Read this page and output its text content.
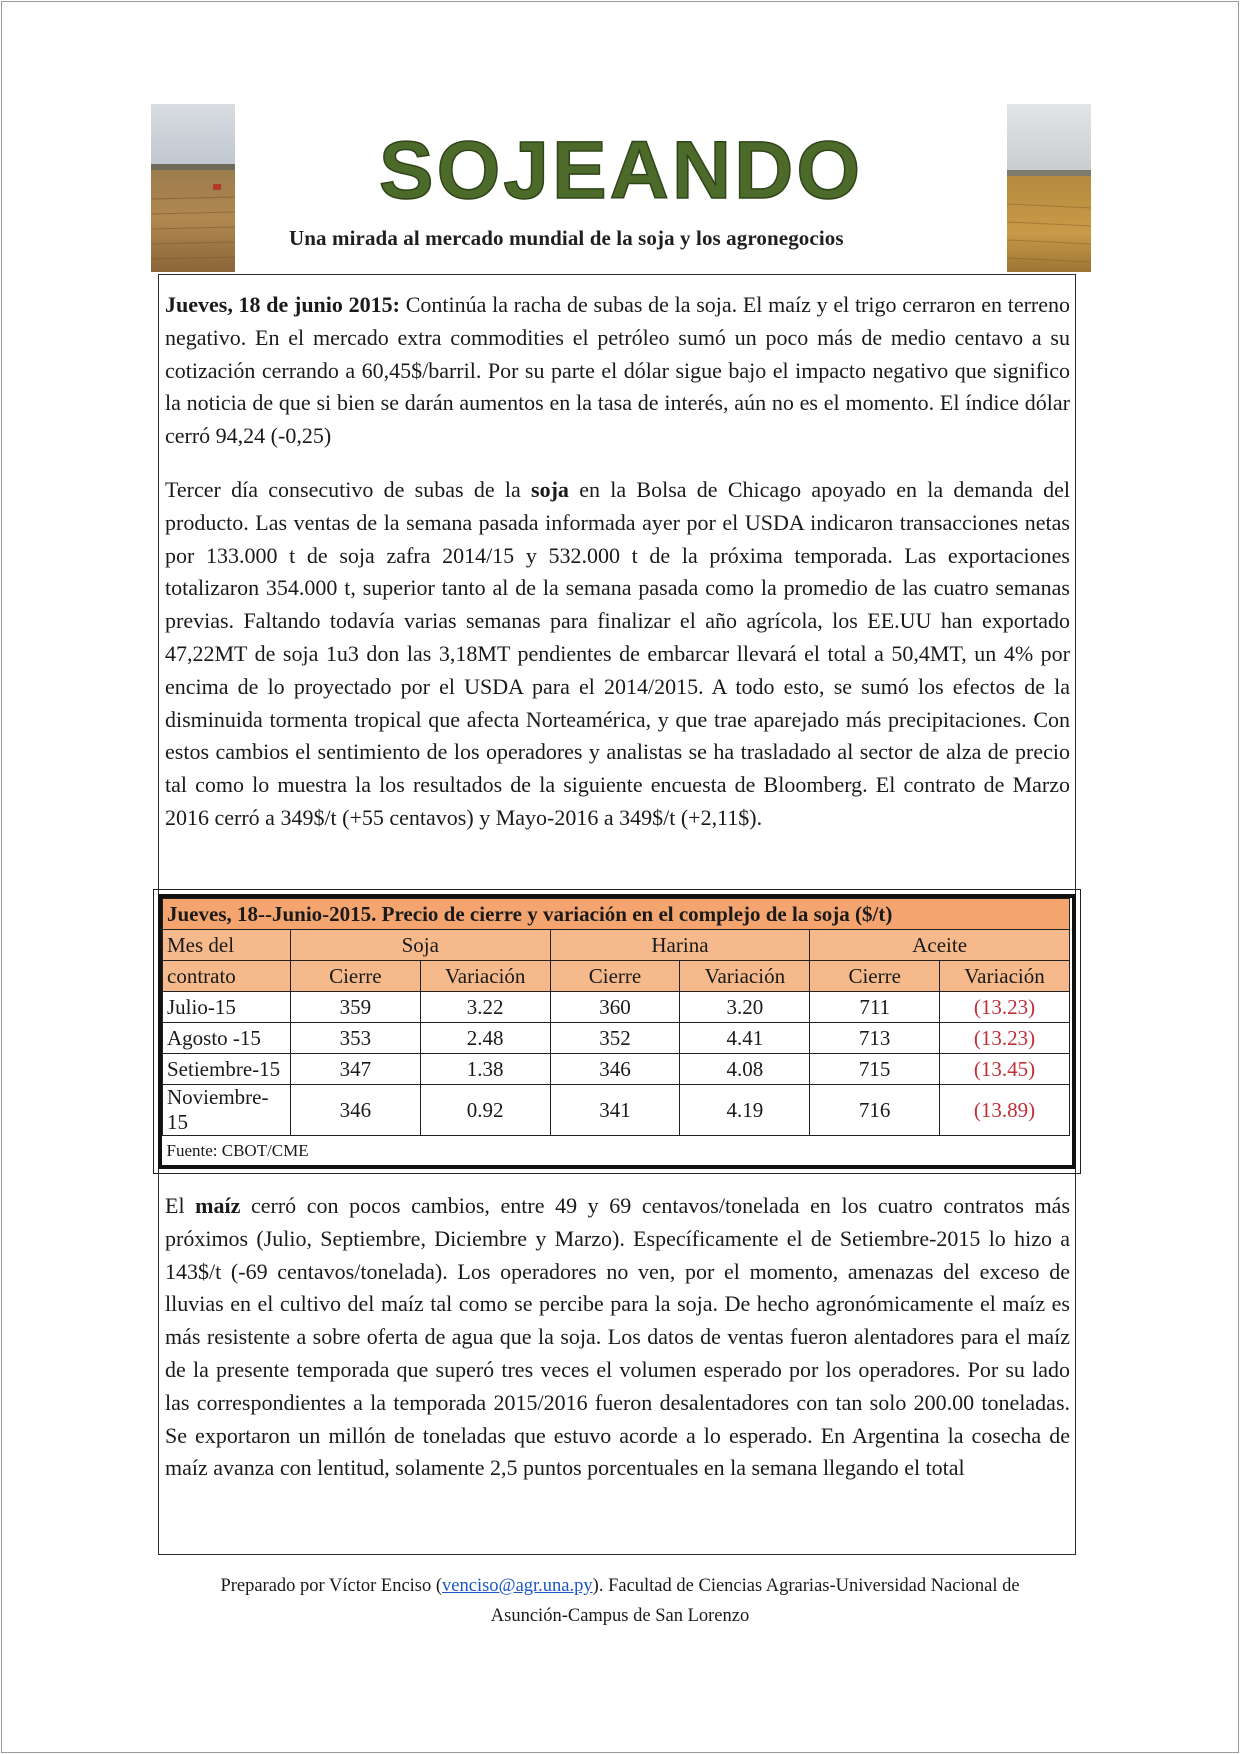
SOJEANDO
Una mirada al mercado mundial de la soja y los agronegocios

Jueves, 18 de junio 2015: Continúa la racha de subas de la soja. El maíz y el trigo cerraron en terreno negativo. En el mercado extra commodities el petróleo sumó un poco más de medio centavo a su cotización cerrando a 60,45$/barril. Por su parte el dólar sigue bajo el impacto negativo que significo la noticia de que si bien se darán aumentos en la tasa de interés, aún no es el momento. El índice dólar cerró 94,24 (-0,25)

Tercer día consecutivo de subas de la soja en la Bolsa de Chicago apoyado en la demanda del producto. Las ventas de la semana pasada informada ayer por el USDA indicaron transacciones netas por 133.000 t de soja zafra 2014/15 y 532.000 t de la próxima temporada. Las exportaciones totalizaron 354.000 t, superior tanto al de la semana pasada como la promedio de las cuatro semanas previas. Faltando todavía varias semanas para finalizar el año agrícola, los EE.UU han exportado 47,22MT de soja 1u3 don las 3,18MT pendientes de embarcar llevará el total a 50,4MT, un 4% por encima de lo proyectado por el USDA para el 2014/2015. A todo esto, se sumó los efectos de la disminuida tormenta tropical que afecta Norteamérica, y que trae aparejado más precipitaciones. Con estos cambios el sentimiento de los operadores y analistas se ha trasladado al sector de alza de precio tal como lo muestra la los resultados de la siguiente encuesta de Bloomberg. El contrato de Marzo 2016 cerró a 349$/t (+55 centavos) y Mayo-2016 a 349$/t (+2,11$).

Jueves, 18--Junio-2015. Precio de cierre y variación en el complejo de la soja ($/t)						
Mes del	Soja		Harina		Aceite	
contrato	Cierre	Variación	Cierre	Variación	Cierre	Variación
Julio-15	359	3.22	360	3.20	711	(13.23)
Agosto -15	353	2.48	352	4.41	713	(13.23)
Setiembre-15	347	1.38	346	4.08	715	(13.45)
Noviembre-15	346	0.92	341	4.19	716	(13.89)
Fuente: CBOT/CME						

El maíz cerró con pocos cambios, entre 49 y 69 centavos/tonelada en los cuatro contratos más próximos (Julio, Septiembre, Diciembre y Marzo). Específicamente el de Setiembre-2015 lo hizo a 143$/t (-69 centavos/tonelada). Los operadores no ven, por el momento, amenazas del exceso de lluvias en el cultivo del maíz tal como se percibe para la soja. De hecho agronómicamente el maíz es más resistente a sobre oferta de agua que la soja. Los datos de ventas fueron alentadores para el maíz de la presente temporada que superó tres veces el volumen esperado por los operadores. Por su lado las correspondientes a la temporada 2015/2016 fueron desalentadores con tan solo 200.00 toneladas. Se exportaron un millón de toneladas que estuvo acorde a lo esperado. En Argentina la cosecha de maíz avanza con lentitud, solamente 2,5 puntos porcentuales en la semana llegando el total

Preparado por Víctor Enciso (venciso@agr.una.py). Facultad de Ciencias Agrarias-Universidad Nacional de
Asunción-Campus de San Lorenzo
